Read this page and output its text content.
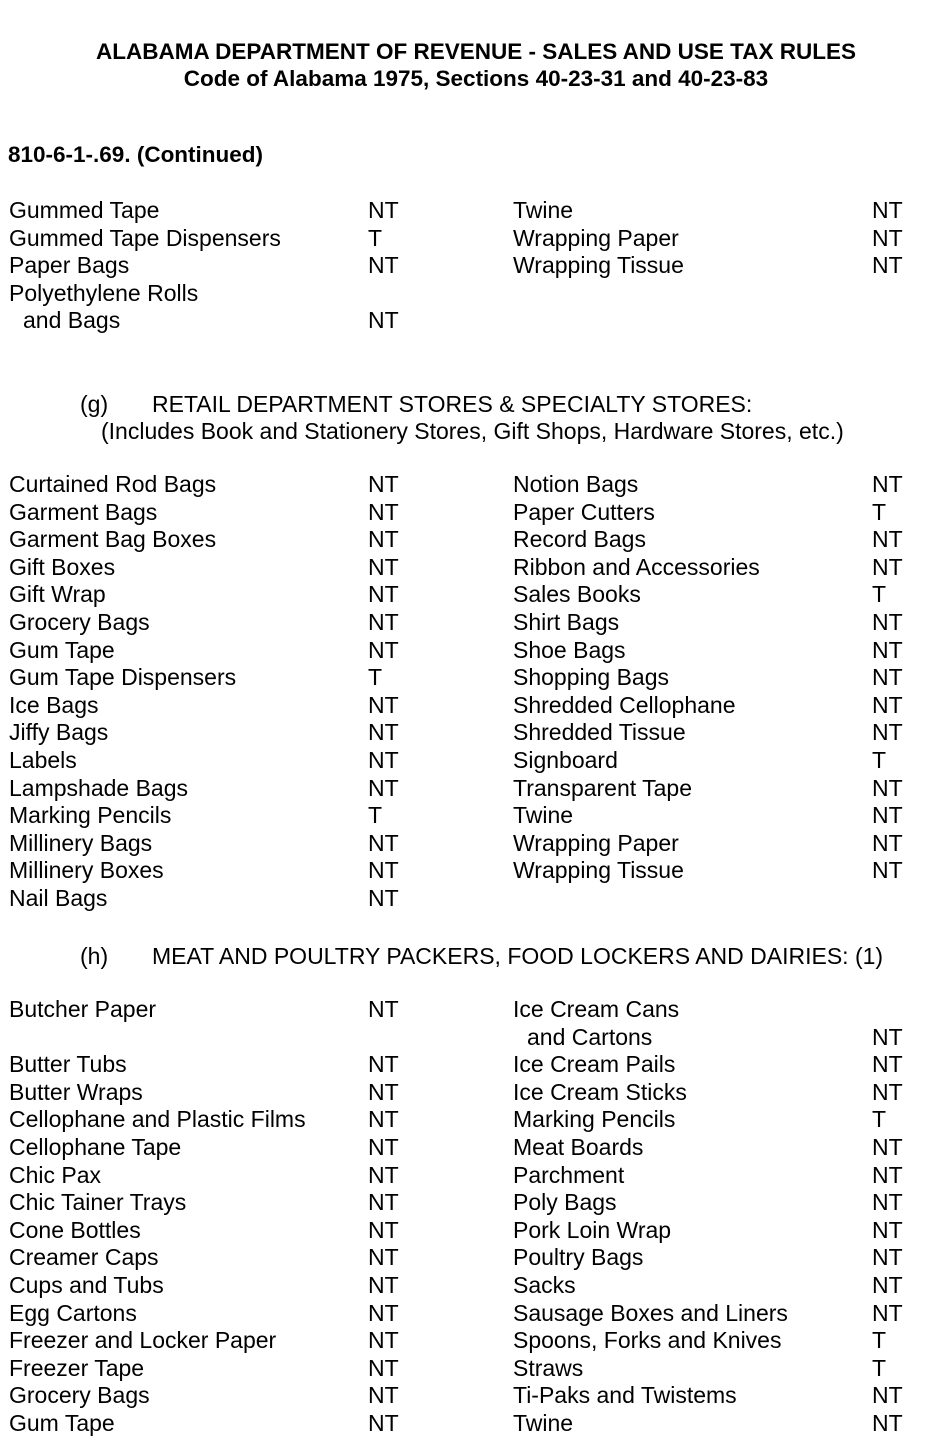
ALABAMA DEPARTMENT OF REVENUE - SALES AND USE TAX RULES
Code of Alabama 1975, Sections 40-23-31 and 40-23-83
810-6-1-.69. (Continued)
Gummed Tape	NT	Twine	NT
Gummed Tape Dispensers	T	Wrapping Paper	NT
Paper Bags	NT	Wrapping Tissue	NT
Polyethylene Rolls
and Bags	NT
(g) RETAIL DEPARTMENT STORES & SPECIALTY STORES:
(Includes Book and Stationery Stores, Gift Shops, Hardware Stores, etc.)
Curtained Rod Bags	NT	Notion Bags	NT
Garment Bags	NT	Paper Cutters	T
Garment Bag Boxes	NT	Record Bags	NT
Gift Boxes	NT	Ribbon and Accessories	NT
Gift Wrap	NT	Sales Books	T
Grocery Bags	NT	Shirt Bags	NT
Gum Tape	NT	Shoe Bags	NT
Gum Tape Dispensers	T	Shopping Bags	NT
Ice Bags	NT	Shredded Cellophane	NT
Jiffy Bags	NT	Shredded Tissue	NT
Labels	NT	Signboard	T
Lampshade Bags	NT	Transparent Tape	NT
Marking Pencils	T	Twine	NT
Millinery Bags	NT	Wrapping Paper	NT
Millinery Boxes	NT	Wrapping Tissue	NT
Nail Bags	NT
(h) MEAT AND POULTRY PACKERS, FOOD LOCKERS AND DAIRIES: (1)
Butcher Paper	NT	Ice Cream Cans
and Cartons	NT
Butter Tubs	NT	Ice Cream Pails	NT
Butter Wraps	NT	Ice Cream Sticks	NT
Cellophane and Plastic Films	NT	Marking Pencils	T
Cellophane Tape	NT	Meat Boards	NT
Chic Pax	NT	Parchment	NT
Chic Tainer Trays	NT	Poly Bags	NT
Cone Bottles	NT	Pork Loin Wrap	NT
Creamer Caps	NT	Poultry Bags	NT
Cups and Tubs	NT	Sacks	NT
Egg Cartons	NT	Sausage Boxes and Liners	NT
Freezer and Locker Paper	NT	Spoons, Forks and Knives	T
Freezer Tape	NT	Straws	T
Grocery Bags	NT	Ti-Paks and Twistems	NT
Gum Tape	NT	Twine	NT
